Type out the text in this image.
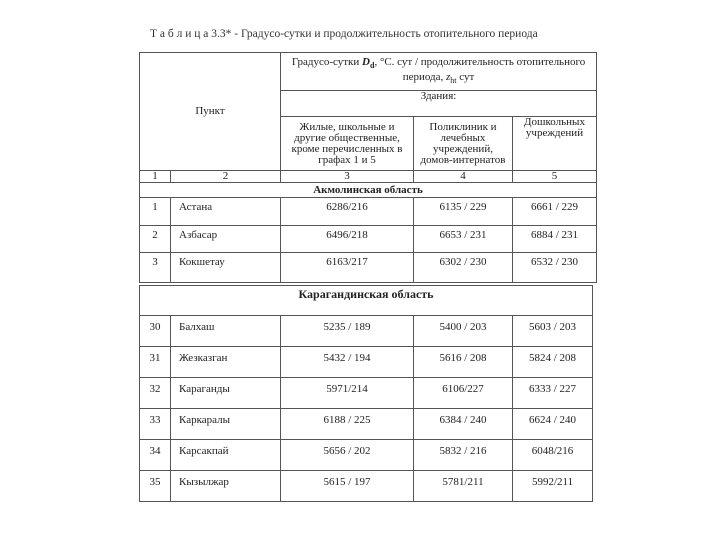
Т а б л и ц а 3.3* - Градусо-сутки и продолжительность отопительного периода
Пункт		Градусо-сутки $D_d$, °С. сут / продолжительность отопительного периода, $z_{ht}$ сут		
		Здания:		
		Жилые, школьные и другие общественные, кроме перечисленных в графах 1 и 5	Поликлиник и лечебных учреждений, домов-интернатов	Дошкольных учреждений
1	2	3	4	5
Акмолинская область				
1	Астана	6286/216	6135 / 229	6661 / 229
2	Азбасар	6496/218	6653 / 231	6884 / 231
3	Кокшетау	6163/217	6302 / 230	6532 / 230
Карагандинская область				
30	Балхаш	5235 / 189	5400 / 203	5603 / 203
31	Жезказган	5432 / 194	5616 / 208	5824 / 208
32	Караганды	5971/214	6106/227	6333 / 227
33	Каркаралы	6188 / 225	6384 / 240	6624 / 240
34	Карсакпай	5656 / 202	5832 / 216	6048/216
35	Кызылжар	5615 / 197	5781/211	5992/211
